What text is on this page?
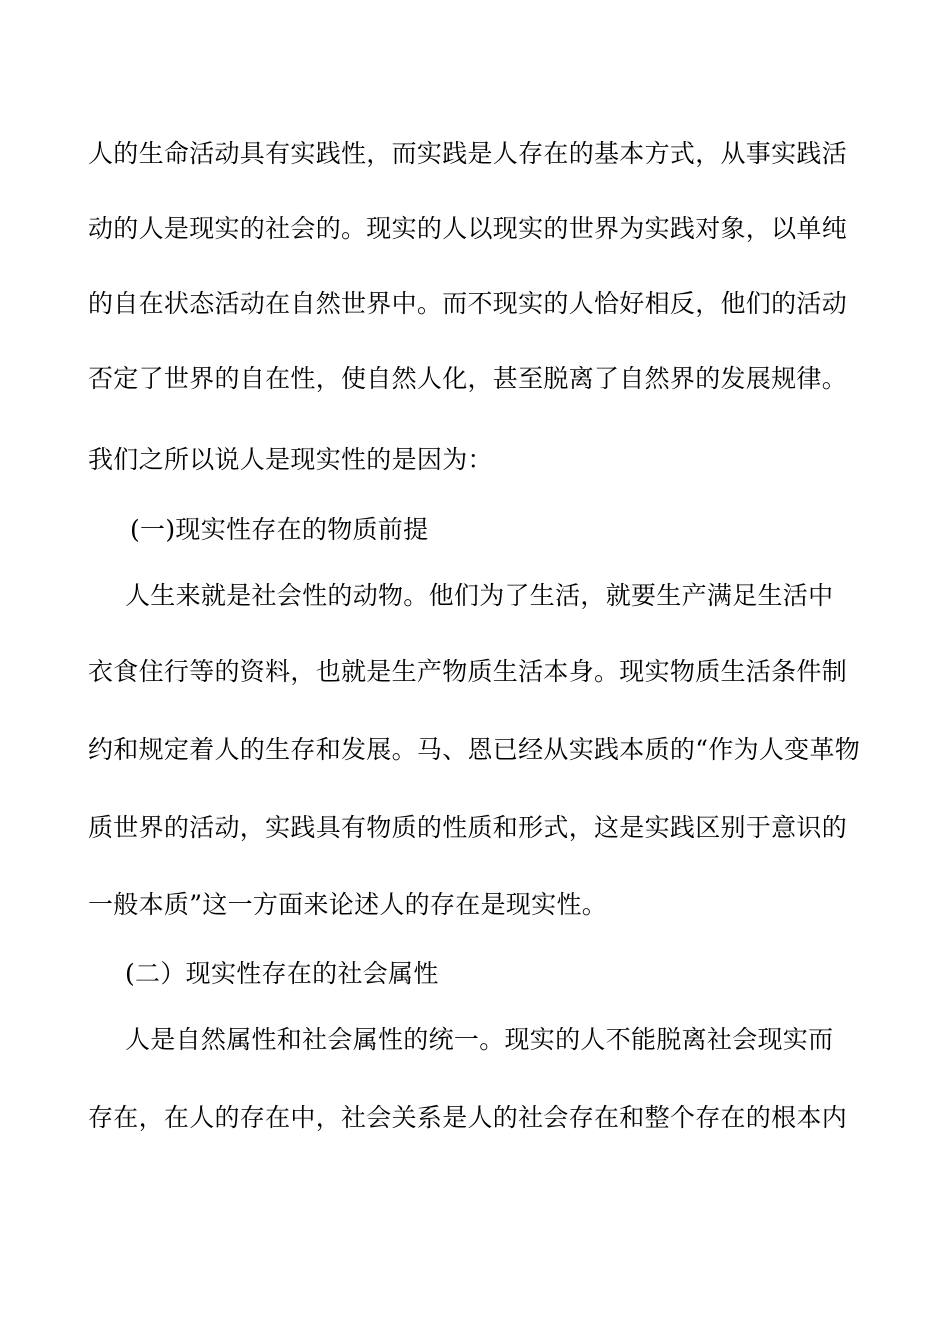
人的生命活动具有实践性，而实践是人存在的基本方式，从事实践活
动的人是现实的社会的。现实的人以现实的世界为实践对象，以单纯
的自在状态活动在自然世界中。而不现实的人恰好相反，他们的活动
否定了世界的自在性，使自然人化，甚至脱离了自然界的发展规律。
我们之所以说人是现实性的是因为：
(一)现实性存在的物质前提
人生来就是社会性的动物。他们为了生活，就要生产满足生活中
衣食住行等的资料，也就是生产物质生活本身。现实物质生活条件制
约和规定着人的生存和发展。马、恩已经从实践本质的“作为人变革物
质世界的活动，实践具有物质的性质和形式，这是实践区别于意识的
一般本质”这一方面来论述人的存在是现实性。
(二）现实性存在的社会属性
人是自然属性和社会属性的统一。现实的人不能脱离社会现实而
存在，在人的存在中，社会关系是人的社会存在和整个存在的根本内
